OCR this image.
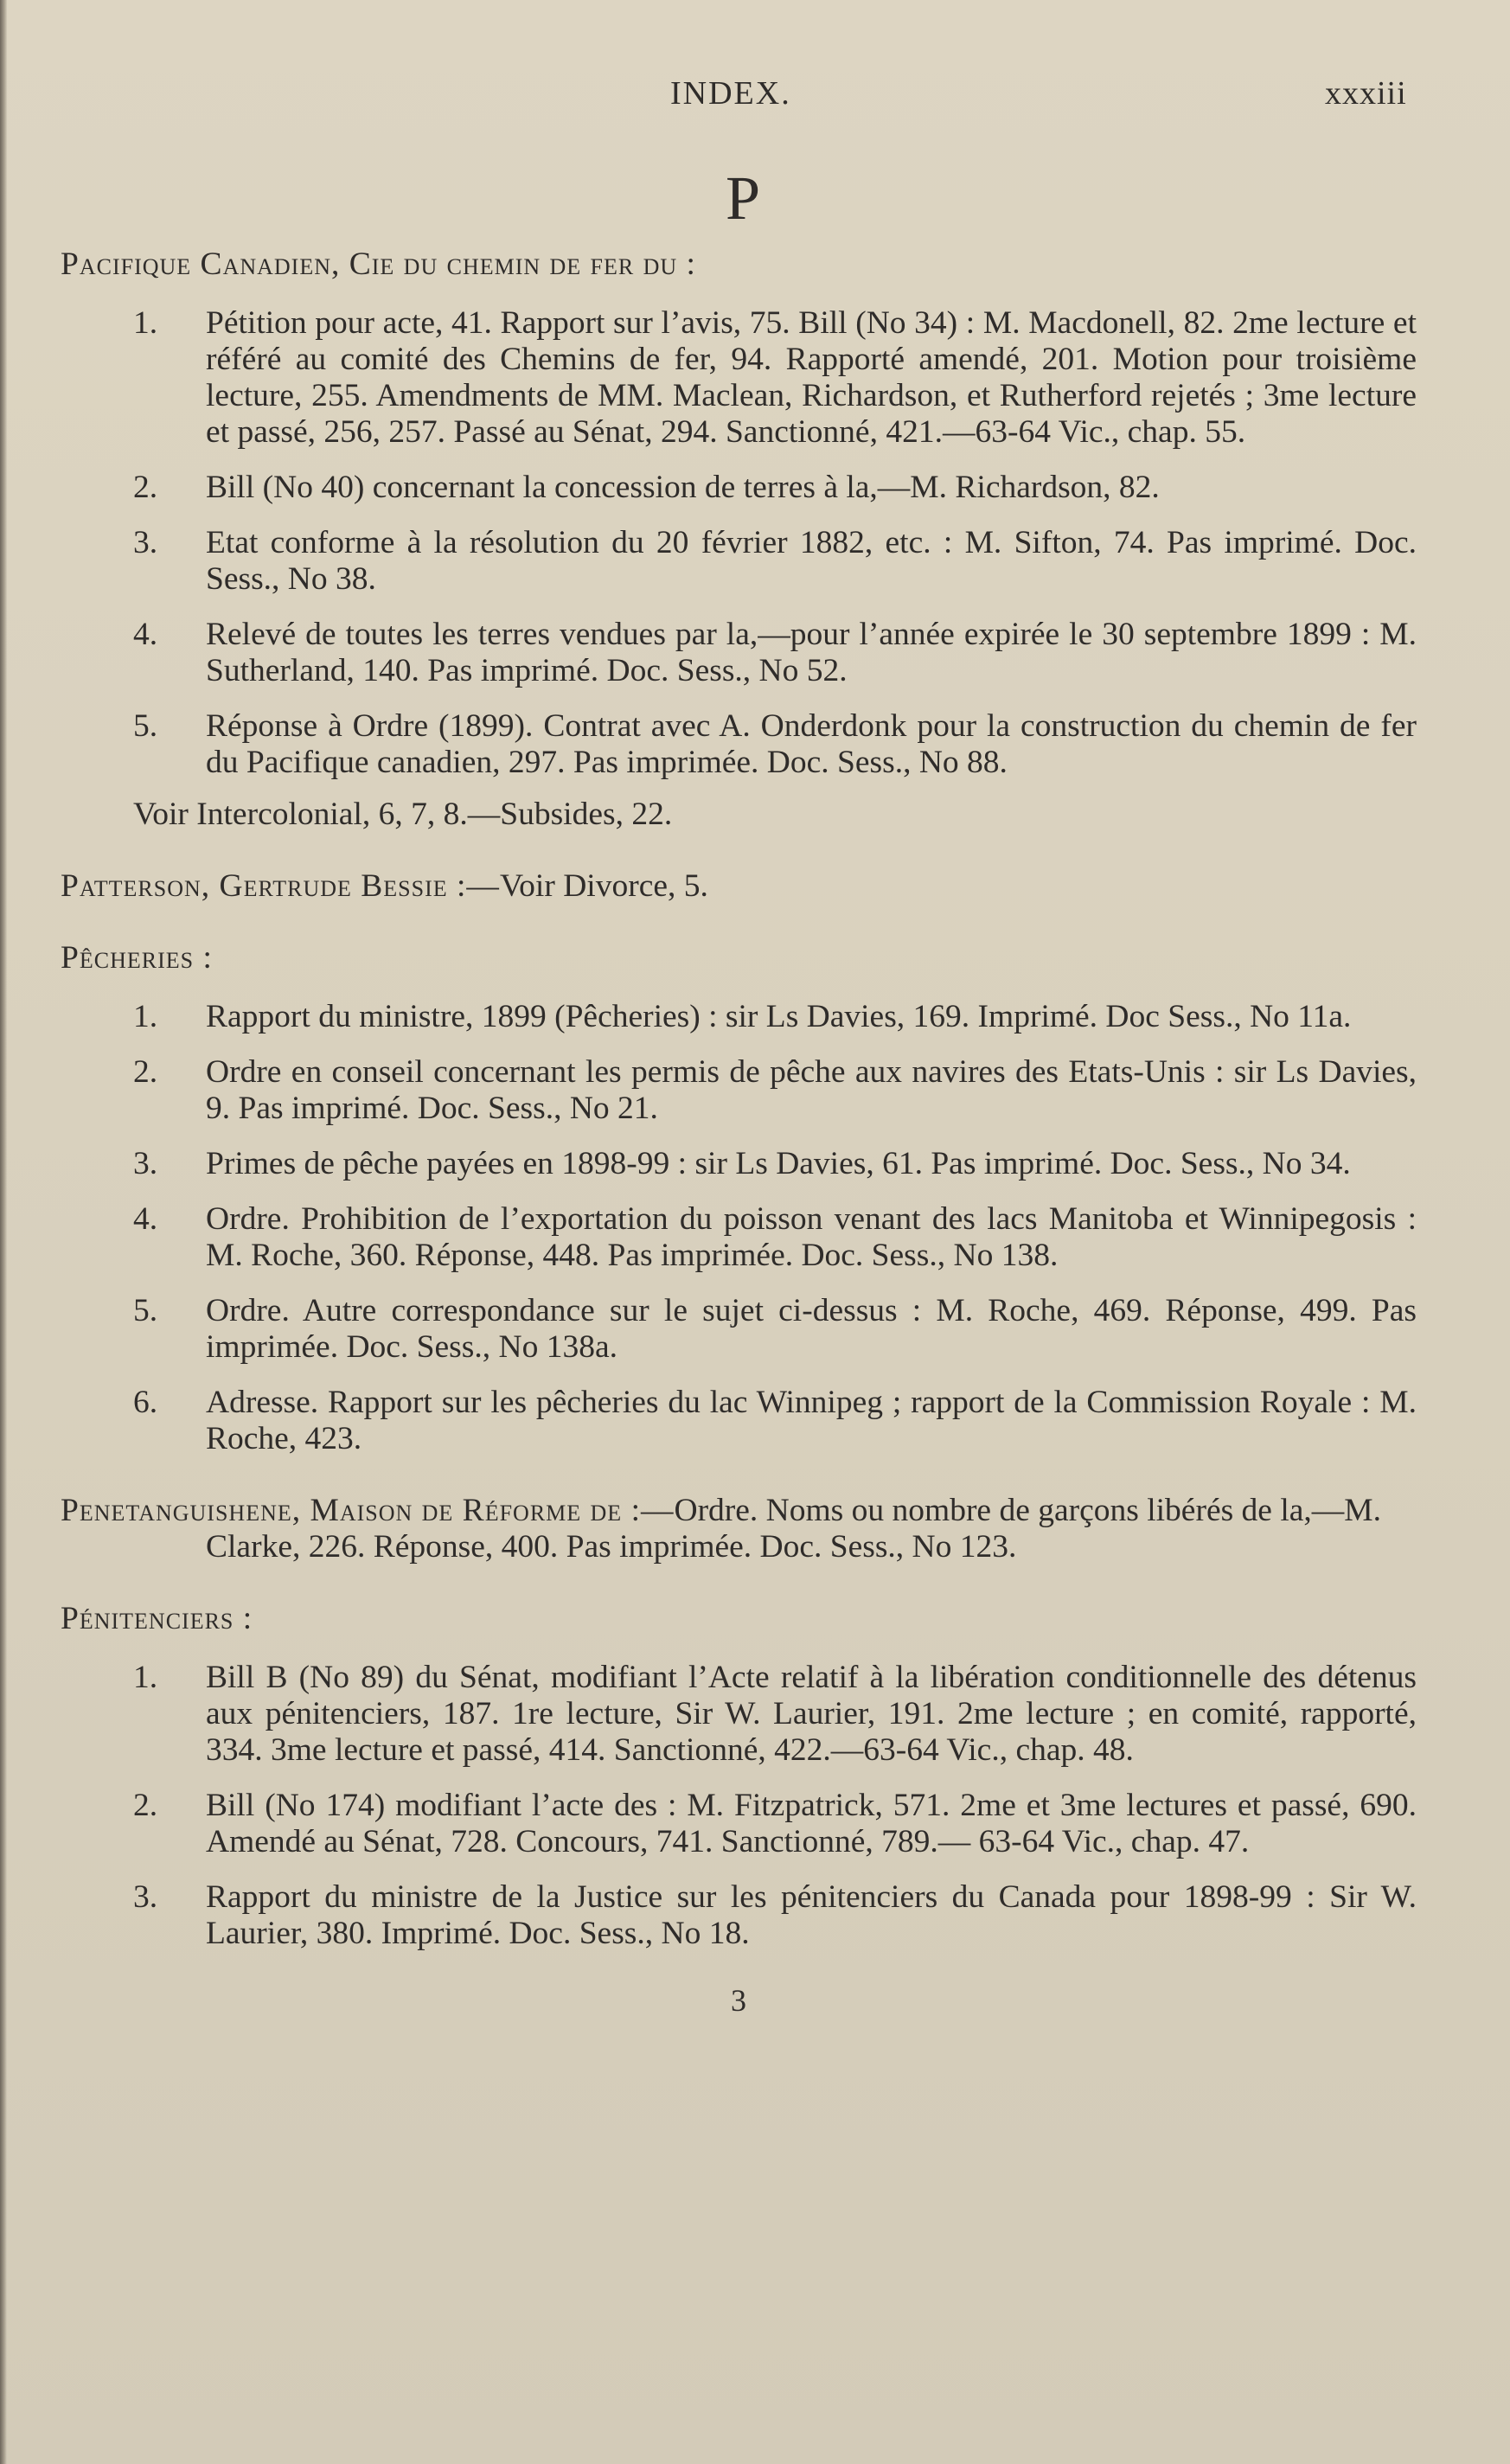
INDEX.	xxxiii
P
Pacifique Canadien, Cie du chemin de fer du :
1. Pétition pour acte, 41. Rapport sur l’avis, 75. Bill (No 34) : M. Macdonell, 82. 2me lecture et référé au comité des Chemins de fer, 94. Rapporté amendé, 201. Motion pour troisième lecture, 255. Amendments de MM. Maclean, Richardson, et Rutherford rejetés ; 3me lecture et passé, 256, 257. Passé au Sénat, 294. Sanctionné, 421.—63-64 Vic., chap. 55.
2. Bill (No 40) concernant la concession de terres à la,—M. Richardson, 82.
3. Etat conforme à la résolution du 20 février 1882, etc. : M. Sifton, 74. Pas imprimé. Doc. Sess., No 38.
4. Relevé de toutes les terres vendues par la,—pour l’année expirée le 30 septembre 1899 : M. Sutherland, 140. Pas imprimé. Doc. Sess., No 52.
5. Réponse à Ordre (1899). Contrat avec A. Onderdonk pour la construction du chemin de fer du Pacifique canadien, 297. Pas imprimée. Doc. Sess., No 88.
Voir Intercolonial, 6, 7, 8.—Subsides, 22.
Patterson, Gertrude Bessie :—Voir Divorce, 5.
Pêcheries :
1. Rapport du ministre, 1899 (Pêcheries) : sir Ls Davies, 169. Imprimé. Doc Sess., No 11a.
2. Ordre en conseil concernant les permis de pêche aux navires des Etats-Unis : sir Ls Davies, 9. Pas imprimé. Doc. Sess., No 21.
3. Primes de pêche payées en 1898-99 : sir Ls Davies, 61. Pas imprimé. Doc. Sess., No 34.
4. Ordre. Prohibition de l’exportation du poisson venant des lacs Manitoba et Winnipegosis : M. Roche, 360. Réponse, 448. Pas imprimée. Doc. Sess., No 138.
5. Ordre. Autre correspondance sur le sujet ci-dessus : M. Roche, 469. Réponse, 499. Pas imprimée. Doc. Sess., No 138a.
6. Adresse. Rapport sur les pêcheries du lac Winnipeg ; rapport de la Commission Royale : M. Roche, 423.
Penetanguishene, Maison de Réforme de :—Ordre. Noms ou nombre de garçons libérés de la,—M. Clarke, 226. Réponse, 400. Pas imprimée. Doc. Sess., No 123.
Pénitenciers :
1. Bill B (No 89) du Sénat, modifiant l’Acte relatif à la libération conditionnelle des détenus aux pénitenciers, 187. 1re lecture, Sir W. Laurier, 191. 2me lecture ; en comité, rapporté, 334. 3me lecture et passé, 414. Sanctionné, 422.—63-64 Vic., chap. 48.
2. Bill (No 174) modifiant l’acte des : M. Fitzpatrick, 571. 2me et 3me lectures et passé, 690. Amendé au Sénat, 728. Concours, 741. Sanctionné, 789.— 63-64 Vic., chap. 47.
3. Rapport du ministre de la Justice sur les pénitenciers du Canada pour 1898-99 : Sir W. Laurier, 380. Imprimé. Doc. Sess., No 18.
3
